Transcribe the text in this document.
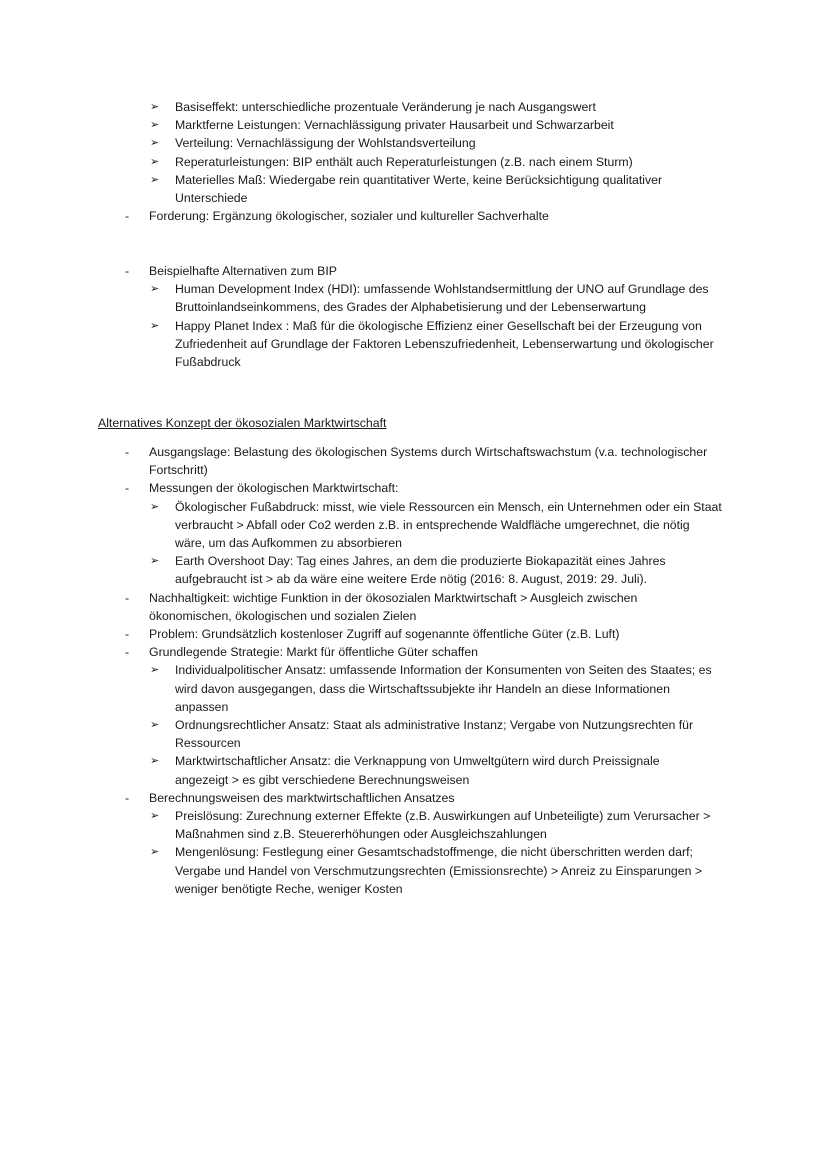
➢ Basiseffekt: unterschiedliche prozentuale Veränderung je nach Ausgangswert
➢ Marktferne Leistungen: Vernachlässigung privater Hausarbeit und Schwarzarbeit
➢ Verteilung: Vernachlässigung der Wohlstandsverteilung
➢ Reperaturleistungen: BIP enthält auch Reperaturleistungen (z.B. nach einem Sturm)
➢ Materielles Maß: Wiedergabe rein quantitativer Werte, keine Berücksichtigung qualitativer
Unterschiede
- Forderung: Ergänzung ökologischer, sozialer und kultureller Sachverhalte
- Beispielhafte Alternativen zum BIP
➢ Human Development Index (HDI): umfassende Wohlstandsermittlung der UNO auf Grundlage des
Bruttoinlandseinkommens, des Grades der Alphabetisierung und der Lebenserwartung
➢ Happy Planet Index : Maß für die ökologische Effizienz einer Gesellschaft bei der Erzeugung von
Zufriedenheit auf Grundlage der Faktoren Lebenszufriedenheit, Lebenserwartung und ökologischer
Fußabdruck
Alternatives Konzept der ökosozialen Marktwirtschaft
- Ausgangslage: Belastung des ökologischen Systems durch Wirtschaftswachstum (v.a. technologischer
Fortschritt)
- Messungen der ökologischen Marktwirtschaft:
➢ Ökologischer Fußabdruck: misst, wie viele Ressourcen ein Mensch, ein Unternehmen oder ein Staat
verbraucht > Abfall oder Co2 werden z.B. in entsprechende Waldfläche umgerechnet, die nötig
wäre, um das Aufkommen zu absorbieren
➢ Earth Overshoot Day: Tag eines Jahres, an dem die produzierte Biokapazität eines Jahres
aufgebraucht ist > ab da wäre eine weitere Erde nötig (2016: 8. August, 2019: 29. Juli).
- Nachhaltigkeit: wichtige Funktion in der ökosozialen Marktwirtschaft > Ausgleich zwischen
ökonomischen, ökologischen und sozialen Zielen
- Problem: Grundsätzlich kostenloser Zugriff auf sogenannte öffentliche Güter (z.B. Luft)
- Grundlegende Strategie: Markt für öffentliche Güter schaffen
➢ Individualpolitischer Ansatz: umfassende Information der Konsumenten von Seiten des Staates; es
wird davon ausgegangen, dass die Wirtschaftssubjekte ihr Handeln an diese Informationen
anpassen
➢ Ordnungsrechtlicher Ansatz: Staat als administrative Instanz; Vergabe von Nutzungsrechten für
Ressourcen
➢ Marktwirtschaftlicher Ansatz: die Verknappung von Umweltgütern wird durch Preissignale
angezeigt > es gibt verschiedene Berechnungsweisen
- Berechnungsweisen des marktwirtschaftlichen Ansatzes
➢ Preislösung: Zurechnung externer Effekte (z.B. Auswirkungen auf Unbeteiligte) zum Verursacher >
Maßnahmen sind z.B. Steuererhöhungen oder Ausgleichszahlungen
➢ Mengenlösung: Festlegung einer Gesamtschadstoffmenge, die nicht überschritten werden darf;
Vergabe und Handel von Verschmutzungsrechten (Emissionsrechte) > Anreiz zu Einsparungen >
weniger benötigte Reche, weniger Kosten
